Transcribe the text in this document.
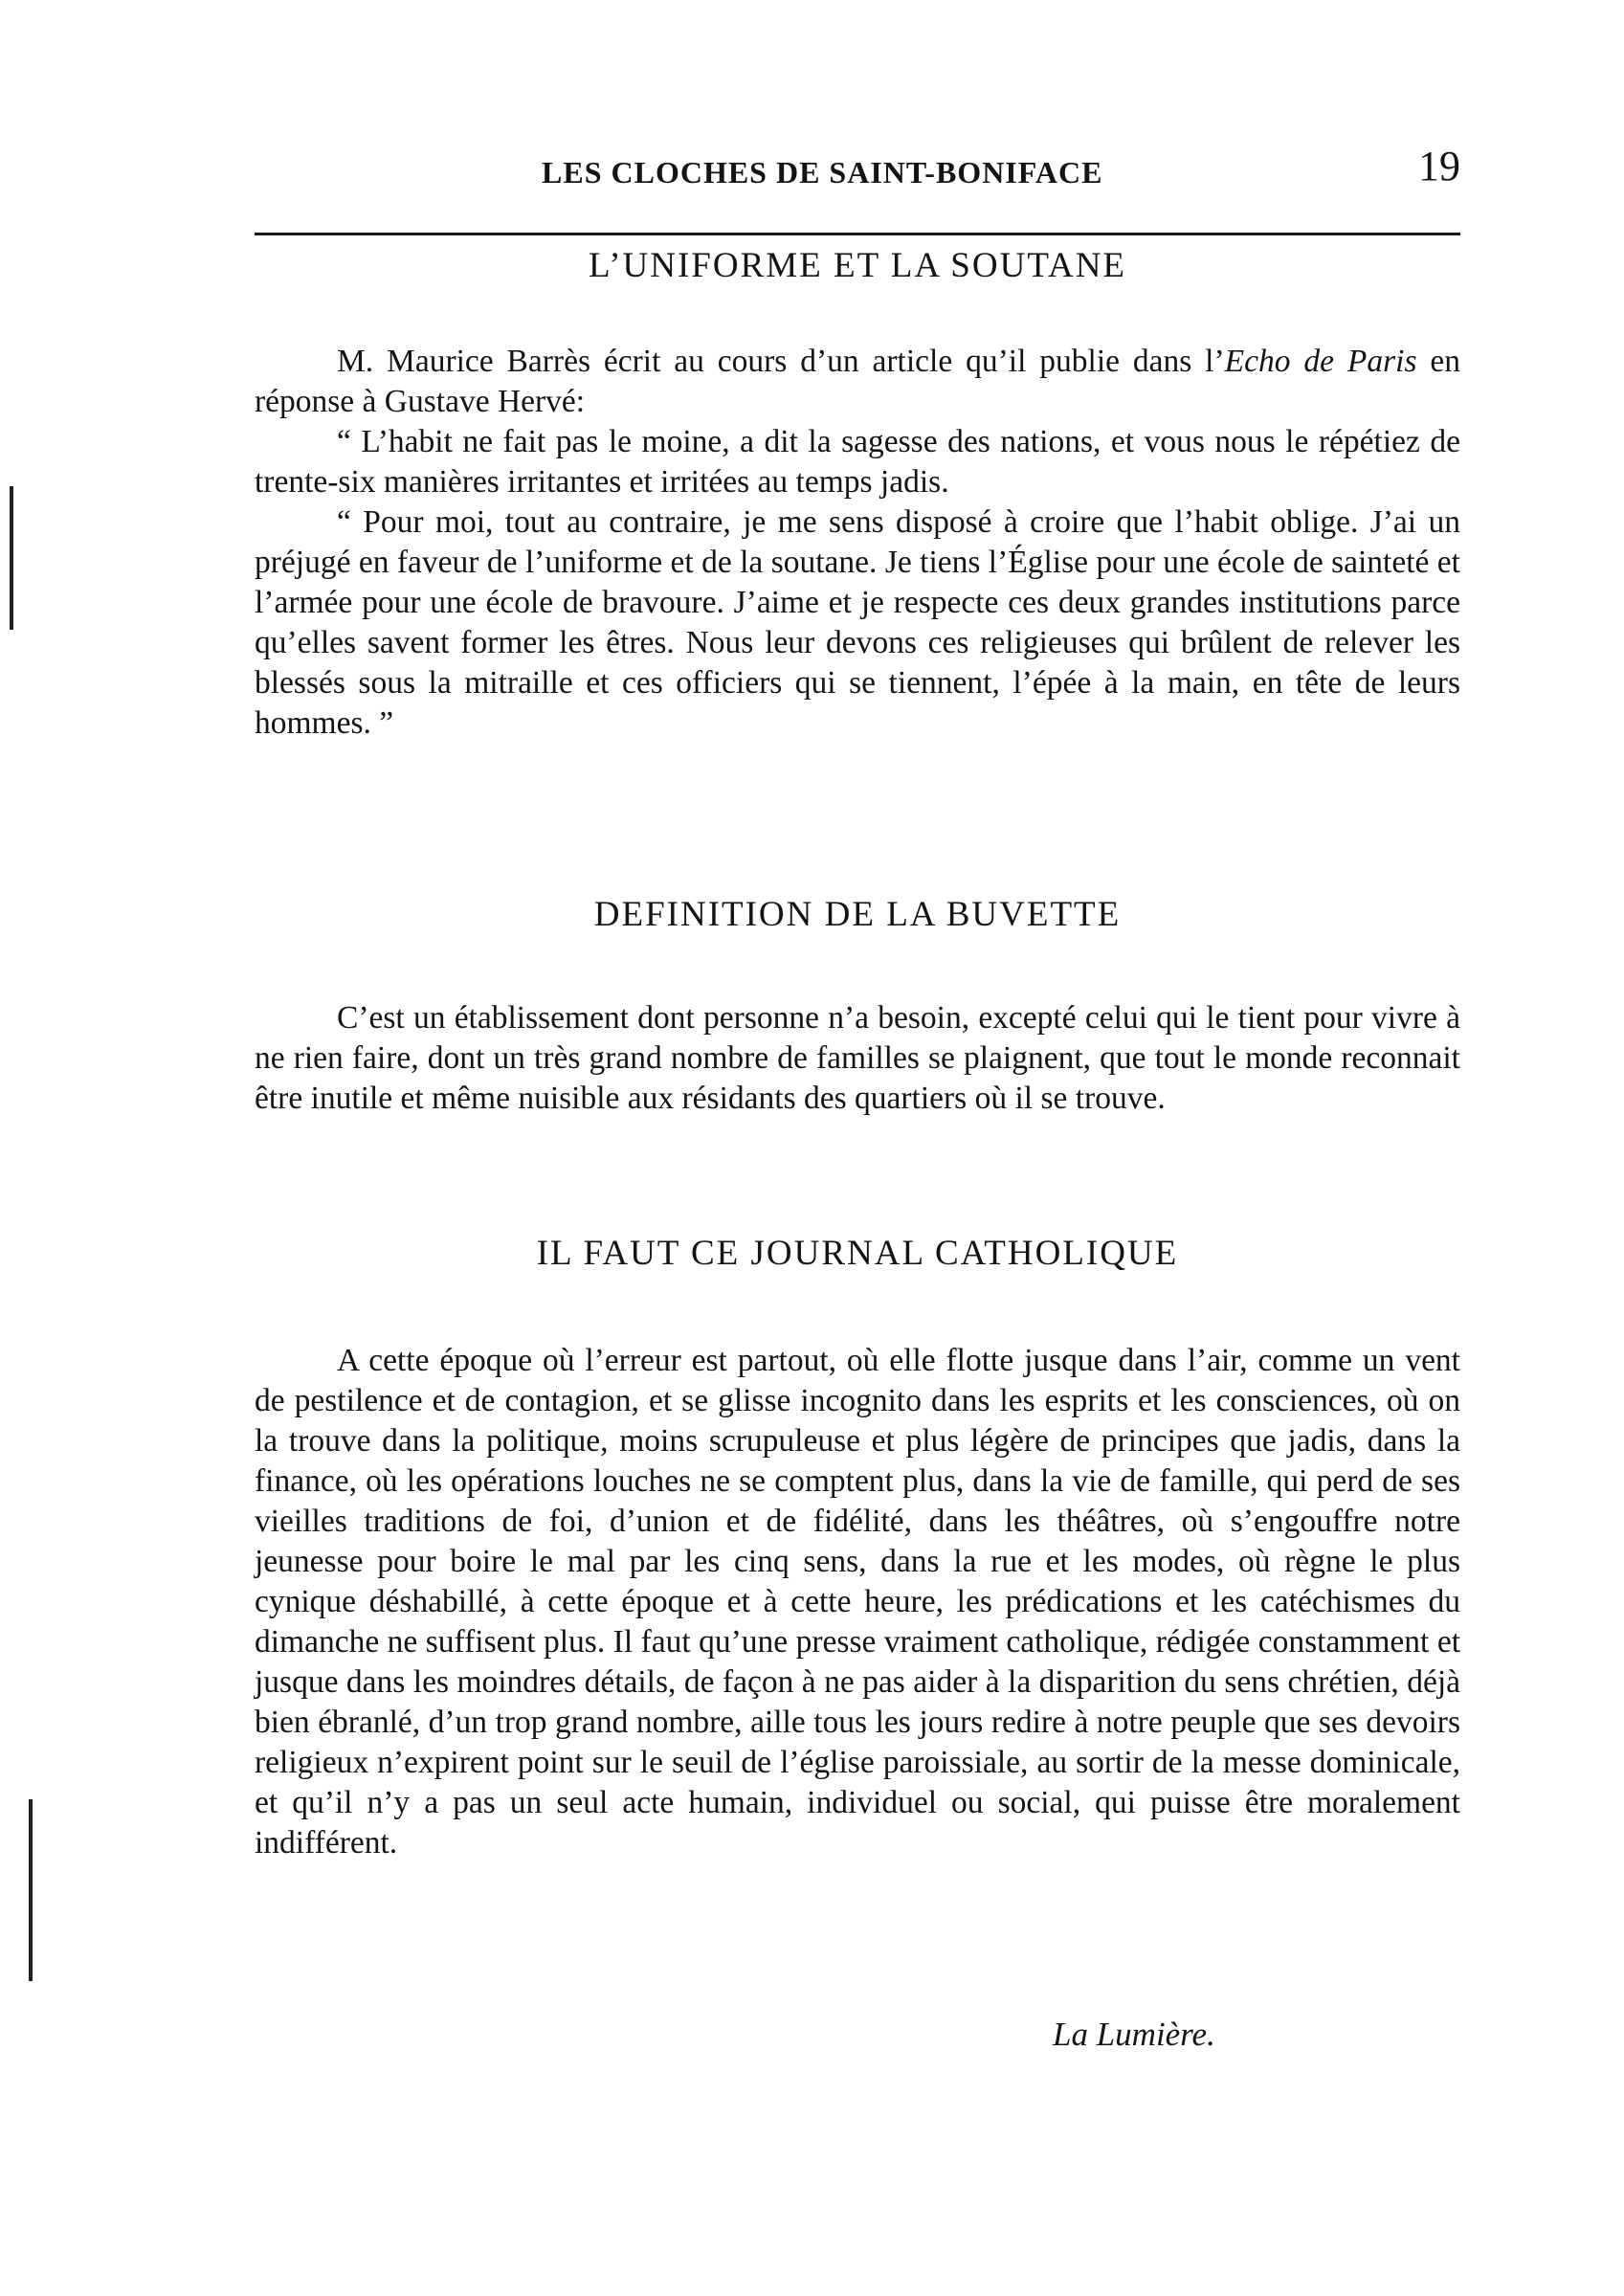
LES CLOCHES DE SAINT-BONIFACE	19
L’UNIFORME ET LA SOUTANE

M. Maurice Barrès écrit au cours d’un article qu’il publie dans l’Echo de Paris en réponse à Gustave Hervé:

“ L’habit ne fait pas le moine, a dit la sagesse des nations, et vous nous le répétiez de trente-six manières irritantes et irritées au temps jadis.

“ Pour moi, tout au contraire, je me sens disposé à croire que l’habit oblige. J’ai un préjugé en faveur de l’uniforme et de la soutane. Je tiens l’Église pour une école de sainteté et l’armée pour une école de bravoure. J’aime et je respecte ces deux grandes institutions parce qu’elles savent former les êtres. Nous leur devons ces religieuses qui brûlent de relever les blessés sous la mitraille et ces officiers qui se tiennent, l’épée à la main, en tête de leurs hommes. ”

DEFINITION DE LA BUVETTE

C’est un établissement dont personne n’a besoin, excepté celui qui le tient pour vivre à ne rien faire, dont un très grand nombre de familles se plaignent, que tout le monde reconnait être inutile et même nuisible aux résidants des quartiers où il se trouve.

IL FAUT CE JOURNAL CATHOLIQUE

A cette époque où l’erreur est partout, où elle flotte jusque dans l’air, comme un vent de pestilence et de contagion, et se glisse incognito dans les esprits et les consciences, où on la trouve dans la politique, moins scrupuleuse et plus légère de principes que jadis, dans la finance, où les opérations louches ne se comptent plus, dans la vie de famille, qui perd de ses vieilles traditions de foi, d’union et de fidélité, dans les théâtres, où s’engouffre notre jeunesse pour boire le mal par les cinq sens, dans la rue et les modes, où règne le plus cynique déshabillé, à cette époque et à cette heure, les prédications et les catéchismes du dimanche ne suffisent plus. Il faut qu’une presse vraiment catholique, rédigée constamment et jusque dans les moindres détails, de façon à ne pas aider à la disparition du sens chrétien, déjà bien ébranlé, d’un trop grand nombre, aille tous les jours redire à notre peuple que ses devoirs religieux n’expirent point sur le seuil de l’église paroissiale, au sortir de la messe dominicale, et qu’il n’y a pas un seul acte humain, individuel ou social, qui puisse être moralement indifférent.

La Lumière.
